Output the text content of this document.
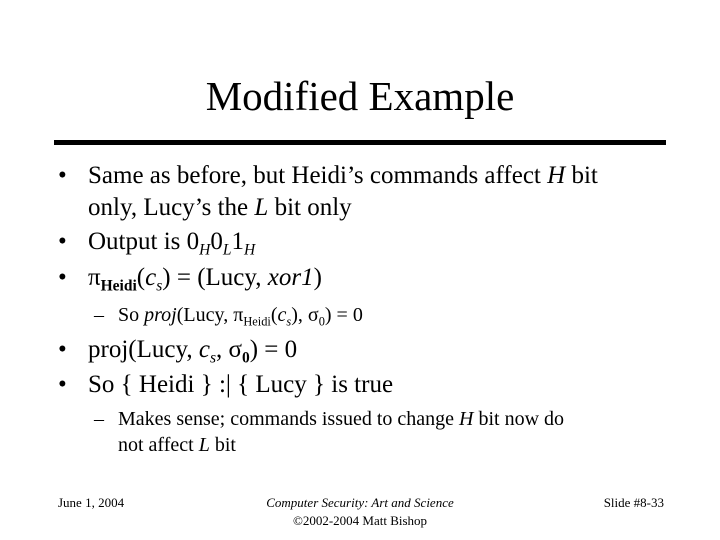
Modified Example
• Same as before, but Heidi’s commands affect H bit
only, Lucy’s the L bit only
• Output is $0_H0_L1_H$
• $\pi_{Heidi}(c_s)$ = (Lucy, xor1)
– So proj(Lucy, $\pi_{Heidi}(c_s)$, $\sigma_0) = 0$
• proj(Lucy, $c_s$, $\sigma_0) = 0$
• So { Heidi } :| { Lucy } is true
– Makes sense; commands issued to change H bit now do
not affect L bit
June 1, 2004	Computer Security: Art and Science
©2002-2004 Matt Bishop
Slide #8-33
